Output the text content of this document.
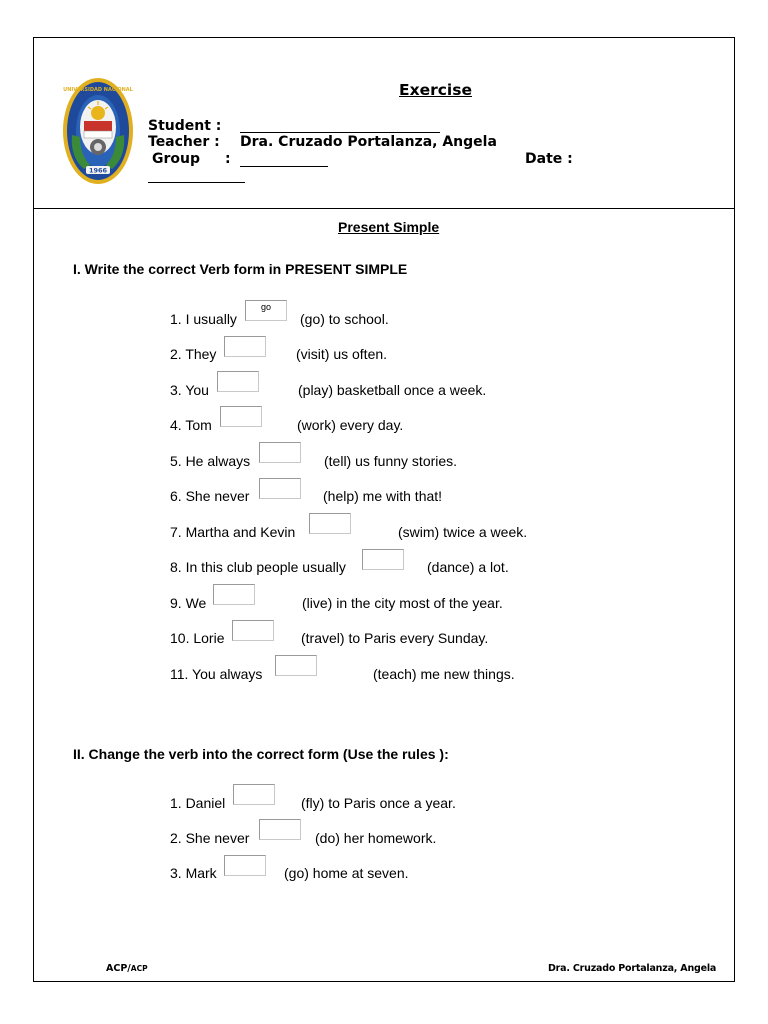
1966
UNIVERSIDAD NACIONAL	Exercise
Student :
Teacher : Dra. Cruzado Portalanza, Angela
Group :	Date :
Present Simple
I. Write the correct Verb form in PRESENT SIMPLE
1. I usually
go
(go) to school.
2. They	(visit) us often.
3. You	(play) basketball once a week.
4. Tom	(work) every day.
5. He always	(tell) us funny stories.
6. She never	(help) me with that!
7. Martha and Kevin	(swim) twice a week.
8. In this club people usually	(dance) a lot.
9. We	(live) in the city most of the year.
10. Lorie	(travel) to Paris every Sunday.
11. You always	(teach) me new things.
II. Change the verb into the correct form (Use the rules ):
1. Daniel	(fly) to Paris once a year.
2. She never	(do) her homework.
3. Mark	(go) home at seven.
ACP/ACP	Dra. Cruzado Portalanza, Angela
